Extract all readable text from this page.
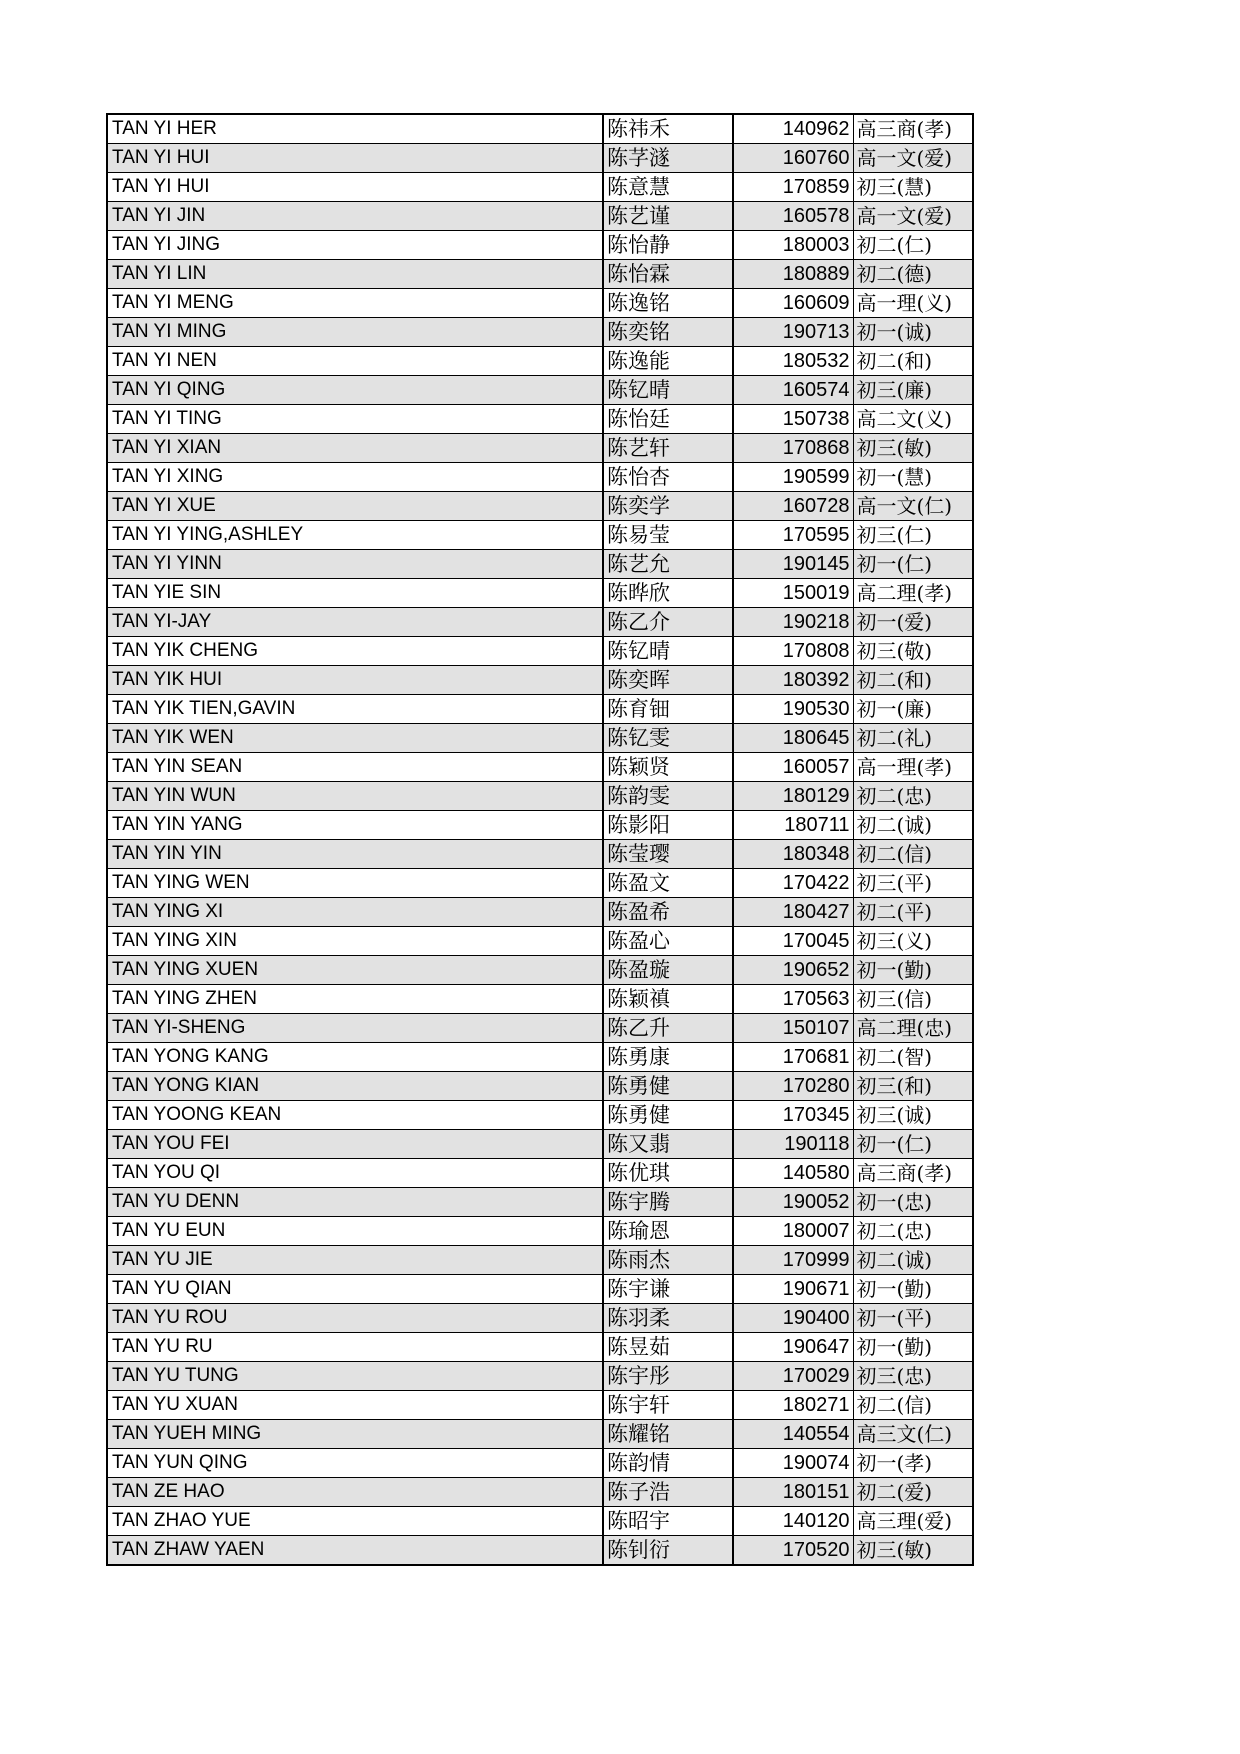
TAN YI HER	陈祎禾	140962	高三商(孝)
TAN YI HUI	陈芓澻	160760	高一文(爱)
TAN YI HUI	陈意慧	170859	初三(慧)
TAN YI JIN	陈艺谨	160578	高一文(爱)
TAN YI JING	陈怡静	180003	初二(仁)
TAN YI LIN	陈怡霖	180889	初二(德)
TAN YI MENG	陈逸铭	160609	高一理(义)
TAN YI MING	陈奕铭	190713	初一(诚)
TAN YI NEN	陈逸能	180532	初二(和)
TAN YI QING	陈钇晴	160574	初三(廉)
TAN YI TING	陈怡廷	150738	高二文(义)
TAN YI XIAN	陈艺轩	170868	初三(敏)
TAN YI XING	陈怡杏	190599	初一(慧)
TAN YI XUE	陈奕学	160728	高一文(仁)
TAN YI YING,ASHLEY	陈易莹	170595	初三(仁)
TAN YI YINN	陈艺允	190145	初一(仁)
TAN YIE SIN	陈晔欣	150019	高二理(孝)
TAN YI-JAY	陈乙介	190218	初一(爱)
TAN YIK CHENG	陈钇晴	170808	初三(敬)
TAN YIK HUI	陈奕晖	180392	初二(和)
TAN YIK TIEN,GAVIN	陈育钿	190530	初一(廉)
TAN YIK WEN	陈钇雯	180645	初二(礼)
TAN YIN SEAN	陈颖贤	160057	高一理(孝)
TAN YIN WUN	陈韵雯	180129	初二(忠)
TAN YIN YANG	陈影阳	180711	初二(诚)
TAN YIN YIN	陈莹璎	180348	初二(信)
TAN YING WEN	陈盈文	170422	初三(平)
TAN YING XI	陈盈希	180427	初二(平)
TAN YING XIN	陈盈心	170045	初三(义)
TAN YING XUEN	陈盈璇	190652	初一(勤)
TAN YING ZHEN	陈颖禛	170563	初三(信)
TAN YI-SHENG	陈乙升	150107	高二理(忠)
TAN YONG KANG	陈勇康	170681	初二(智)
TAN YONG KIAN	陈勇健	170280	初三(和)
TAN YOONG KEAN	陈勇健	170345	初三(诚)
TAN YOU FEI	陈又翡	190118	初一(仁)
TAN YOU QI	陈优琪	140580	高三商(孝)
TAN YU DENN	陈宇腾	190052	初一(忠)
TAN YU EUN	陈瑜恩	180007	初二(忠)
TAN YU JIE	陈雨杰	170999	初二(诚)
TAN YU QIAN	陈宇谦	190671	初一(勤)
TAN YU ROU	陈羽柔	190400	初一(平)
TAN YU RU	陈昱茹	190647	初一(勤)
TAN YU TUNG	陈宇彤	170029	初三(忠)
TAN YU XUAN	陈宇轩	180271	初二(信)
TAN YUEH MING	陈耀铭	140554	高三文(仁)
TAN YUN QING	陈韵情	190074	初一(孝)
TAN ZE HAO	陈子浩	180151	初二(爱)
TAN ZHAO YUE	陈昭宇	140120	高三理(爱)
TAN ZHAW YAEN	陈钊衍	170520	初三(敏)
